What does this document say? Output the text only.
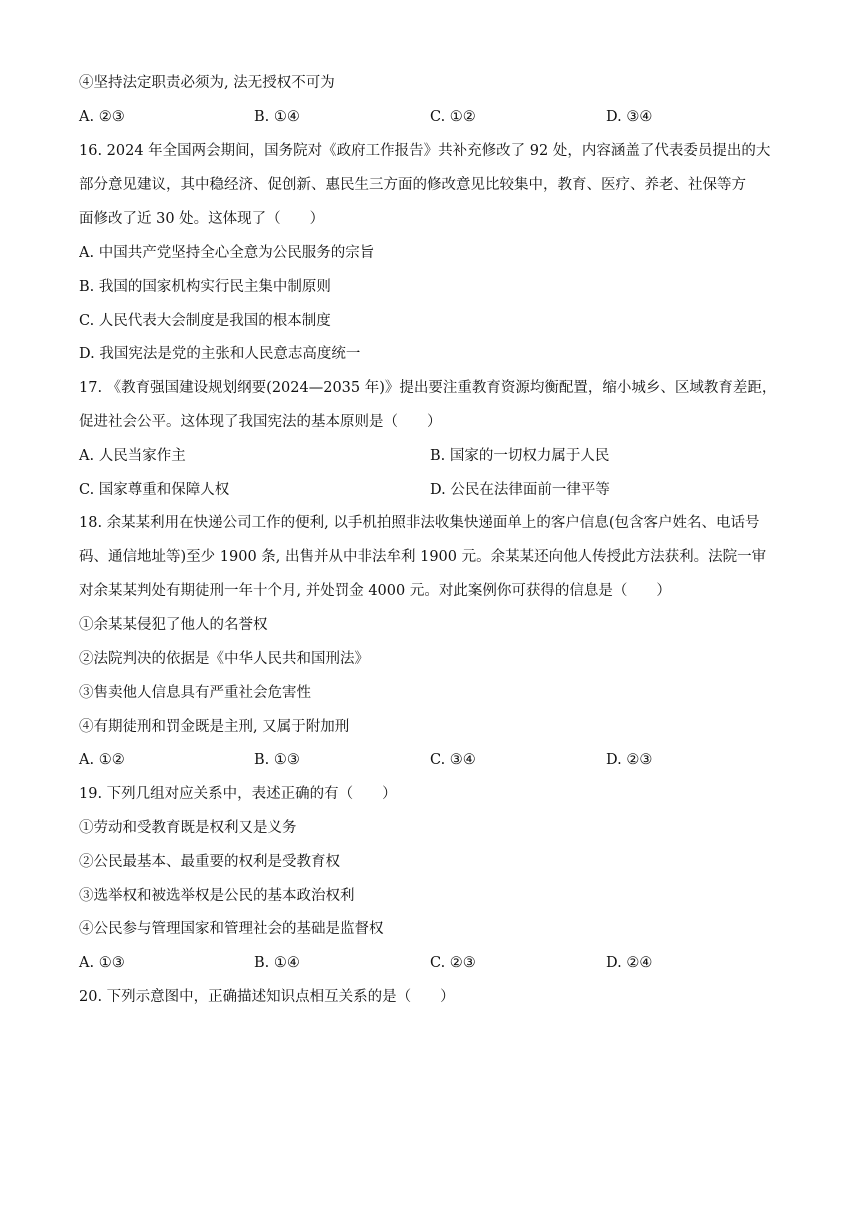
④坚持法定职责必须为, 法无授权不可为
A. ②③	B. ①④	C. ①②	D. ③④
16. 2024 年全国两会期间，国务院对《政府工作报告》共补充修改了 92 处，内容涵盖了代表委员提出的大
部分意见建议，其中稳经济、促创新、惠民生三方面的修改意见比较集中，教育、医疗、养老、社保等方
面修改了近 30 处。这体现了（　　）
A. 中国共产党坚持全心全意为公民服务的宗旨
B. 我国的国家机构实行民主集中制原则
C. 人民代表大会制度是我国的根本制度
D. 我国宪法是党的主张和人民意志高度统一
17. 《教育强国建设规划纲要(2024—2035 年)》提出要注重教育资源均衡配置，缩小城乡、区域教育差距，
促进社会公平。这体现了我国宪法的基本原则是（　　）
A. 人民当家作主	B. 国家的一切权力属于人民
C. 国家尊重和保障人权	D. 公民在法律面前一律平等
18. 余某某利用在快递公司工作的便利, 以手机拍照非法收集快递面单上的客户信息(包含客户姓名、电话号
码、通信地址等)至少 1900 条, 出售并从中非法牟利 1900 元。余某某还向他人传授此方法获利。法院一审
对余某某判处有期徒刑一年十个月, 并处罚金 4000 元。对此案例你可获得的信息是（　　）
①余某某侵犯了他人的名誉权
②法院判决的依据是《中华人民共和国刑法》
③售卖他人信息具有严重社会危害性
④有期徒刑和罚金既是主刑, 又属于附加刑
A. ①②	B. ①③	C. ③④	D. ②③
19. 下列几组对应关系中，表述正确的有（　　）
①劳动和受教育既是权利又是义务
②公民最基本、最重要的权利是受教育权
③选举权和被选举权是公民的基本政治权利
④公民参与管理国家和管理社会的基础是监督权
A. ①③	B. ①④	C. ②③	D. ②④
20. 下列示意图中，正确描述知识点相互关系的是（　　）
